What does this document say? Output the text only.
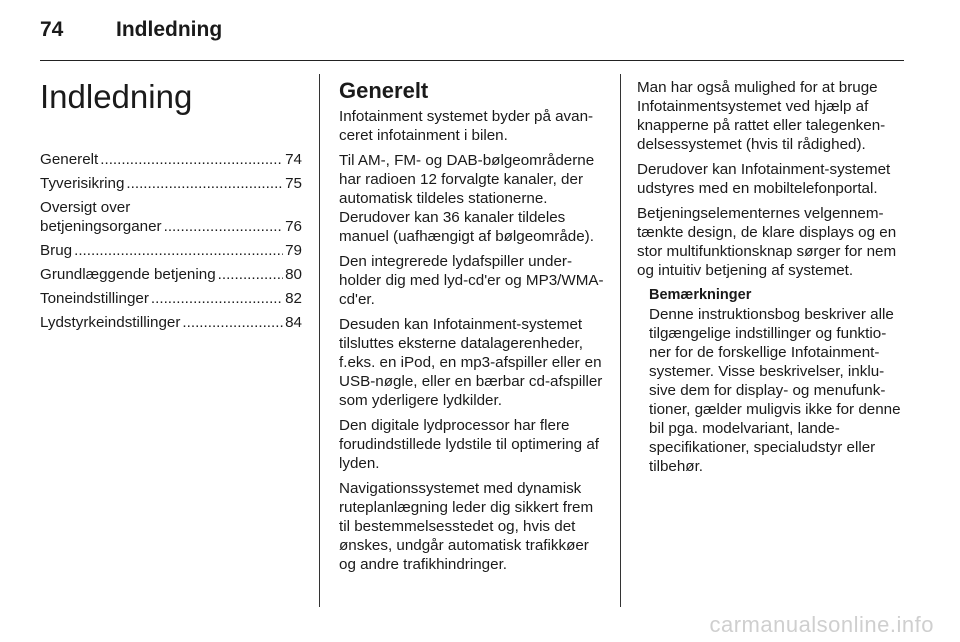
74	Indledning
Indledning
Generelt .....	74
Tyverisikring .....	75
Oversigt over
betjeningsorganer .....	76
Brug .....	79
Grundlæggende betjening .....	80
Toneindstillinger .....	82
Lydstyrkeindstillinger .....	84
Generelt

Infotainment systemet byder på avanceret infotainment i bilen.

Til AM-, FM- og DAB-bølgeområderne har radioen 12 forvalgte kanaler, der automatisk tildeles stationerne. Derudover kan 36 kanaler tildeles manuel (uafhængigt af bølgeområde).

Den integrerede lydafspiller underholder dig med lyd-cd'er og MP3/​WMA-cd'er.

Desuden kan Infotainment-systemet tilsluttes eksterne datalagerenheder, f.eks. en iPod, en mp3-afspiller eller en USB-nøgle, eller en bærbar cd-afspiller som yderligere lydkilder.

Den digitale lydprocessor har flere forudindstillede lydstile til optimering af lyden.

Navigationssystemet med dynamisk ruteplanlægning leder dig sikkert frem til bestemmelsesstedet og, hvis det ønskes, undgår automatisk trafikkøer og andre trafikhindringer.

Man har også mulighed for at bruge Infotainmentsystemet ved hjælp af knapperne på rattet eller talegenkendelsessystemet (hvis til rådighed).

Derudover kan Infotainment-systemet udstyres med en mobiltelefonportal.

Betjeningselementernes velgennemtænkte design, de klare displays og en stor multifunktionsknap sørger for nem og intuitiv betjening af systemet.

Bemærkninger
Denne instruktionsbog beskriver alle tilgængelige indstillinger og funktioner for de forskellige Infotainment-systemer. Visse beskrivelser, inklusive dem for display- og menufunktioner, gælder muligvis ikke for denne bil pga. modelvariant, landespecifikationer, specialudstyr eller tilbehør.
carmanualsonline.info
